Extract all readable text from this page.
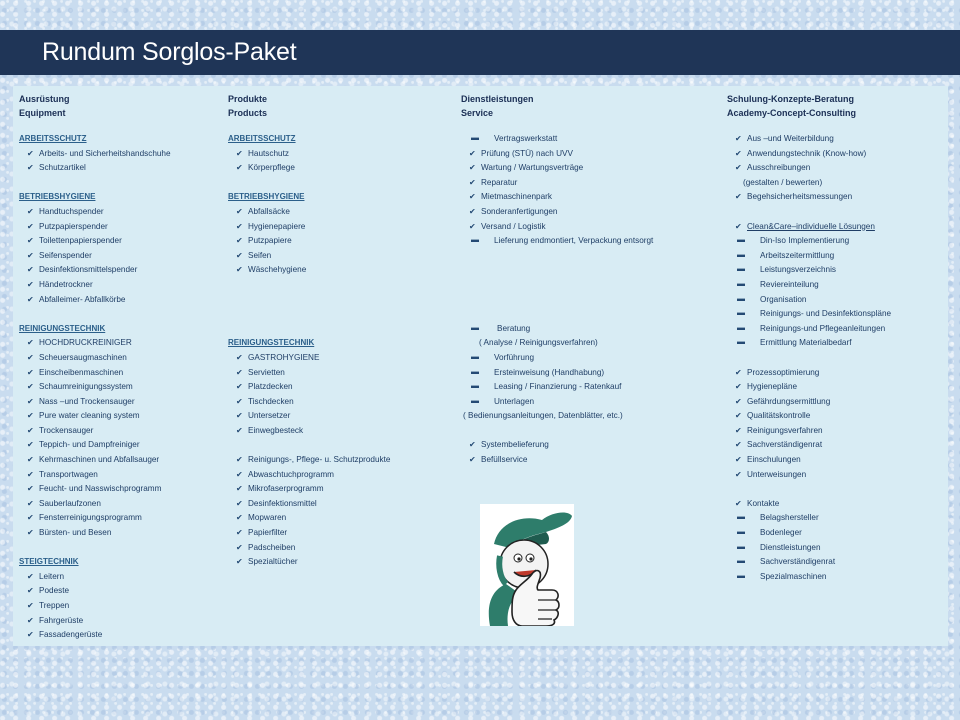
Rundum Sorglos-Paket
Ausrüstung
Equipment
ARBEITSSCHUTZ
✔ Arbeits- und Sicherheitshandschuhe
✔ Schutzartikel
BETRIEBSHYGIENE
✔ Handtuchspender
✔ Putzpapierspender
✔ Toilettenpapierspender
✔ Seifenspender
✔ Desinfektionsmittelspender
✔ Händetrockner
✔ Abfalleimer- Abfallkörbe
REINIGUNGSTECHNIK
✔ HOCHDRUCKREINIGER
✔ Scheuersaugmaschinen
✔ Einscheibenmaschinen
✔ Schaumreinigungssystem
✔ Nass –und Trockensauger
✔ Pure water cleaning system
✔ Trockensauger
✔ Teppich- und Dampfreiniger
✔ Kehrmaschinen und Abfallsauger
✔ Transportwagen
✔ Feucht- und Nasswischprogramm
✔ Sauberlaufzonen
✔ Fensterreinigungsprogramm
✔ Bürsten- und Besen
STEIGTECHNIK
✔ Leitern
✔ Podeste
✔ Treppen
✔ Fahrgerüste
✔ Fassadengerüste
Produkte
Products
ARBEITSSCHUTZ
✔ Hautschutz
✔ Körperpflege
BETRIEBSHYGIENE
✔ Abfallsäcke
✔ Hygienepapiere
✔ Putzpapiere
✔ Seifen
✔ Wäschehygiene
REINIGUNGSTECHNIK
✔ GASTROHYGIENE
✔ Servietten
✔ Platzdecken
✔ Tischdecken
✔ Untersetzer
✔ Einwegbesteck
✔ Reinigungs-, Pflege- u. Schutzprodukte
✔ Abwaschtuchprogramm
✔ Mikrofaserprogramm
✔ Desinfektionsmittel
✔ Mopwaren
✔ Papierfilter
✔ Padscheiben
✔ Spezialtücher
Dienstleistungen
Service
▬ Vertragswerkstatt
✔ Prüfung (STÜ) nach UVV
✔ Wartung / Wartungsverträge
✔ Reparatur
✔ Mietmaschinenpark
✔ Sonderanfertigungen
✔ Versand / Logistik
▬ Lieferung endmontiert, Verpackung entsorgt
▬ Beratung
( Analyse / Reinigungsverfahren)
▬ Vorführung
▬ Ersteinweisung (Handhabung)
▬ Leasing / Finanzierung - Ratenkauf
▬ Unterlagen
( Bedienungsanleitungen, Datenblätter, etc.)
✔ Systembelieferung
✔ Befüllservice
Schulung-Konzepte-Beratung
Academy-Concept-Consulting
✔ Aus –und Weiterbildung
✔ Anwendungstechnik (Know-how)
✔ Ausschreibungen
(gestalten / bewerten)
✔ Begehsicherheitsmessungen
✔ Clean&Care–individuelle Lösungen
▬ Din-Iso Implementierung
▬ Arbeitszeitermittlung
▬ Leistungsverzeichnis
▬ Reviereinteilung
▬ Organisation
▬ Reinigungs- und Desinfektionspläne
▬ Reinigungs-und Pflegeanleitungen
▬ Ermittlung Materialbedarf
✔ Prozessoptimierung
✔ Hygienepläne
✔ Gefährdungsermittlung
✔ Qualitätskontrolle
✔ Reinigungsverfahren
✔ Sachverständigenrat
✔ Einschulungen
✔ Unterweisungen
✔ Kontakte
▬ Belagshersteller
▬ Bodenleger
▬ Dienstleistungen
▬ Sachverständigenrat
▬ Spezialmaschinen
